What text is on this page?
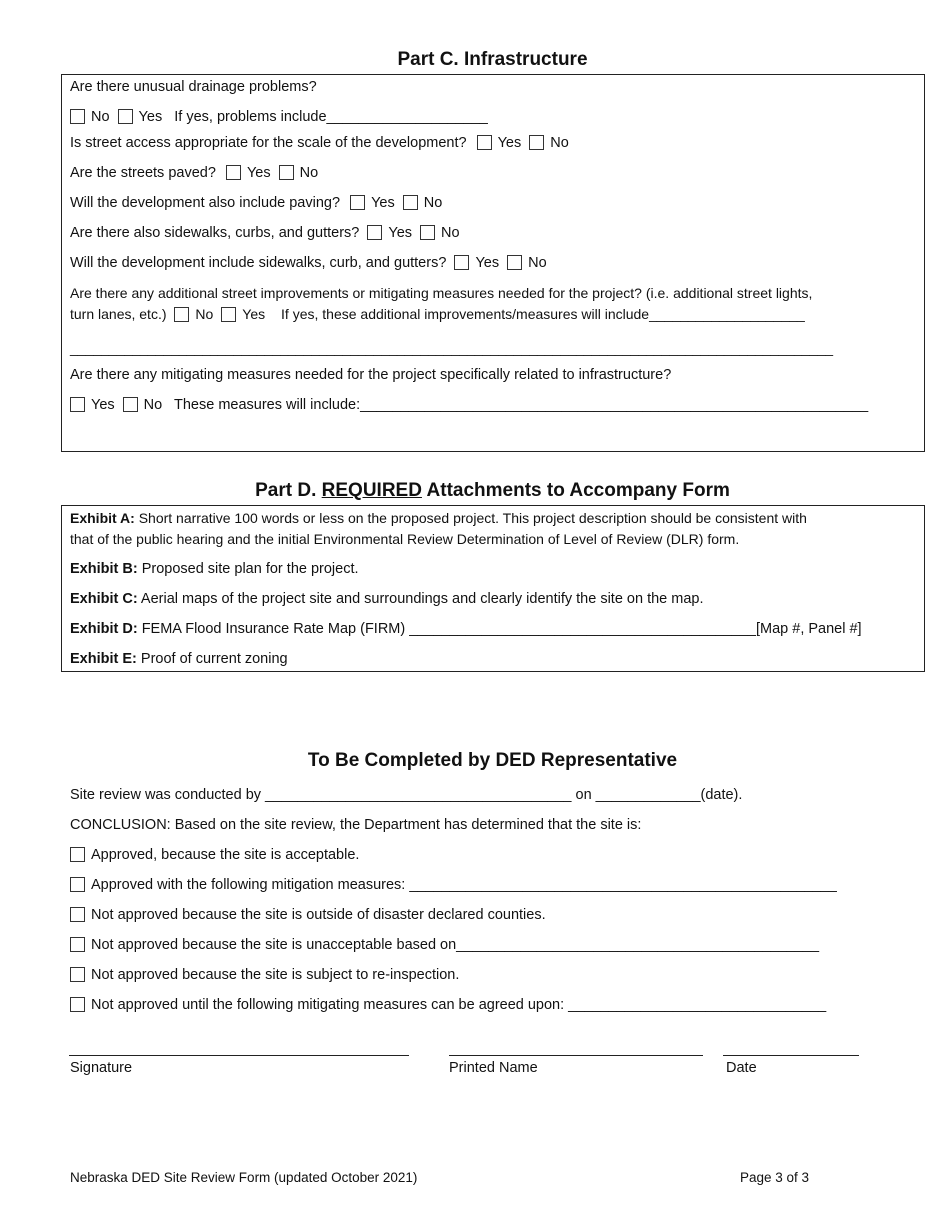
Part C. Infrastructure
Are there unusual drainage problems?
No Yes If yes, problems include____________________
Is street access appropriate for the scale of the development? Yes No
Are the streets paved? Yes No
Will the development also include paving? Yes No
Are there also sidewalks, curbs, and gutters? Yes No
Will the development include sidewalks, curb, and gutters? Yes No
Are there any additional street improvements or mitigating measures needed for the project? (i.e. additional street lights,
turn lanes, etc.) No Yes If yes, these additional improvements/measures will include____________________
__________________________________________________________________________________________________
Are there any mitigating measures needed for the project specifically related to infrastructure?
Yes No These measures will include:_______________________________________________________________
Part D. REQUIRED Attachments to Accompany Form
Exhibit A: Short narrative 100 words or less on the proposed project. This project description should be consistent with
that of the public hearing and the initial Environmental Review Determination of Level of Review (DLR) form.
Exhibit B: Proposed site plan for the project.
Exhibit C: Aerial maps of the project site and surroundings and clearly identify the site on the map.
Exhibit D: FEMA Flood Insurance Rate Map (FIRM) ___________________________________________[Map #, Panel #]
Exhibit E: Proof of current zoning
To Be Completed by DED Representative
Site review was conducted by ______________________________________ on _____________(date).
CONCLUSION: Based on the site review, the Department has determined that the site is:
Approved, because the site is acceptable.
Approved with the following mitigation measures: _____________________________________________________
Not approved because the site is outside of disaster declared counties.
Not approved because the site is unacceptable based on_____________________________________________
Not approved because the site is subject to re-inspection.
Not approved until the following mitigating measures can be agreed upon: ________________________________
Signature	Printed Name	Date
Nebraska DED Site Review Form (updated October 2021)	Page 3 of 3
